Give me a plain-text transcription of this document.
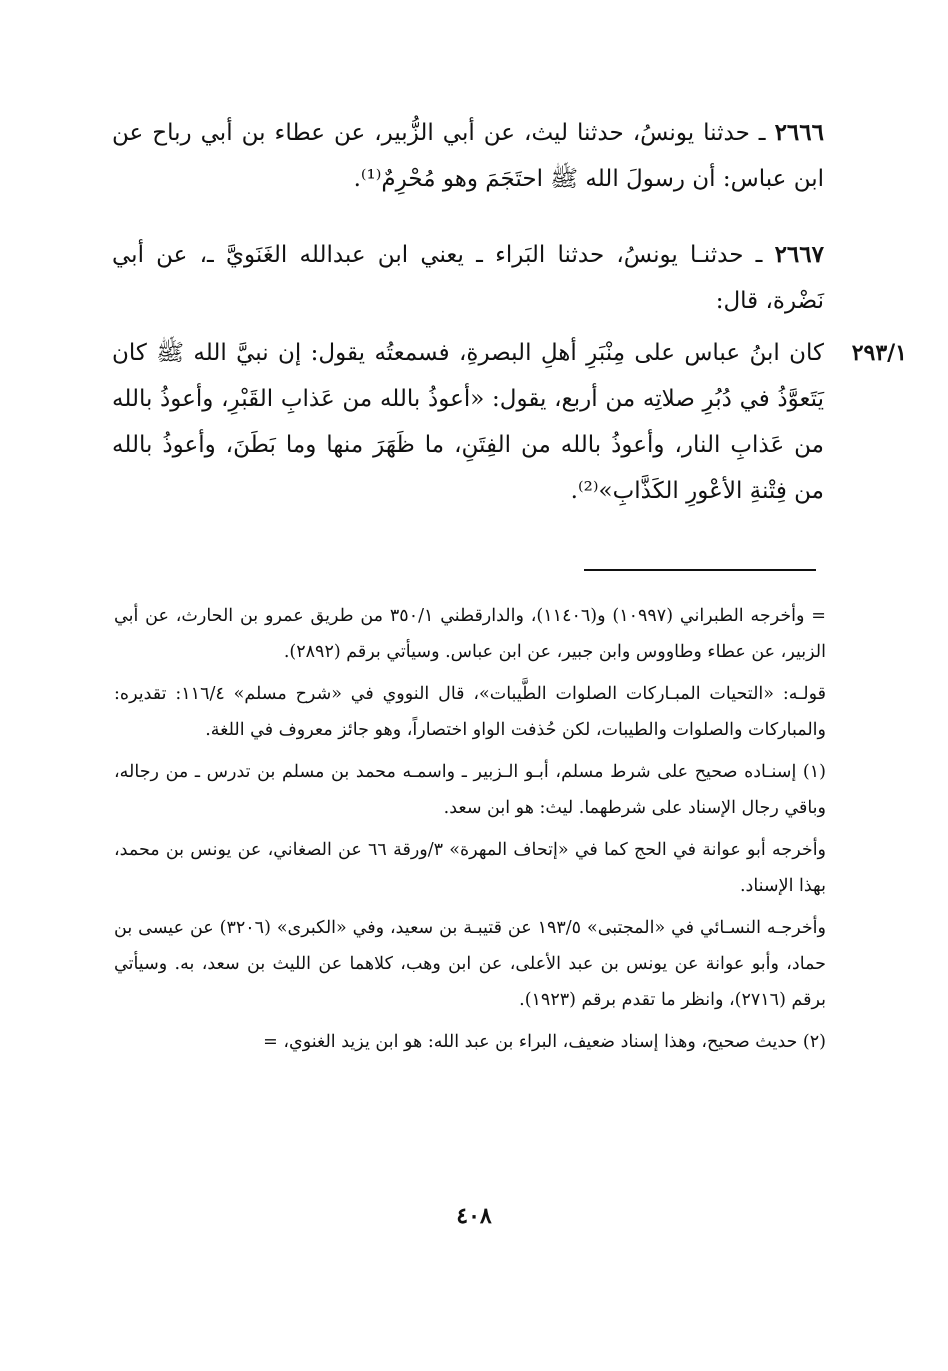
٢٦٦٦ ـ حدثنا يونسُ، حدثنا ليث، عن أبي الزُّبير، عن عطاء بن أبي رباح عن ابن عباس: أن رسولَ الله ﷺ احتَجَمَ وهو مُحْرِمٌ⁽¹⁾.

٢٦٦٧ ـ حدثنـا يونسُ، حدثنا البَراء ـ يعني ابن عبدالله الغَنَويَّ ـ، عن أبي نَضْرة، قال:

كان ابنُ عباس على مِنْبَرِ أهلِ البصرةِ، فسمعتُه يقول: إن نبيَّ الله ﷺ كان يَتَعوَّذُ في دُبُرِ صلاتِه من أربع، يقول: «أعوذُ بالله من عَذابِ القَبْرِ، وأعوذُ بالله من عَذابِ النار، وأعوذُ بالله من الفِتَنِ، ما ظَهَرَ منها وما بَطَنَ، وأعوذُ بالله من فِتْنةِ الأعْورِ الكَذَّابِ»⁽²⁾.

٢٩٣/١

= وأخرجه الطبراني (١٠٩٩٧) و(١١٤٠٦)، والدارقطني ٣٥٠/١ من طريق عمرو بن الحارث، عن أبي الزبير، عن عطاء وطاووس وابن جبير، عن ابن عباس. وسيأتي برقم (٢٨٩٢).

قولـه: «التحيات المبـاركات الصلوات الطَّيبات»، قال النووي في «شرح مسلم» ١١٦/٤: تقديره: والمباركات والصلوات والطيبات، لكن حُذفت الواو اختصاراً، وهو جائز معروف في اللغة.

(١) إسنـاده صحيح على شرط مسلم، أبـو الـزبير ـ واسمـه محمد بن مسلم بن تدرس ـ من رجاله، وباقي رجال الإسناد على شرطهما. ليث: هو ابن سعد.

وأخرجه أبو عوانة في الحج كما في «إتحاف المهرة» ٣/ورقة ٦٦ عن الصغاني، عن يونس بن محمد، بهذا الإسناد.

وأخرجـه النسـائي في «المجتبى» ١٩٣/٥ عن قتيبـة بن سعيد، وفي «الكبرى» (٣٢٠٦) عن عيسى بن حماد، وأبو عوانة عن يونس بن عبد الأعلى، عن ابن وهب، كلاهما عن الليث بن سعد، به. وسيأتي برقم (٢٧١٦)، وانظر ما تقدم برقم (١٩٢٣).

(٢) حديث صحيح، وهذا إسناد ضعيف، البراء بن عبد الله: هو ابن يزيد الغنوي، =

٤٠٨
